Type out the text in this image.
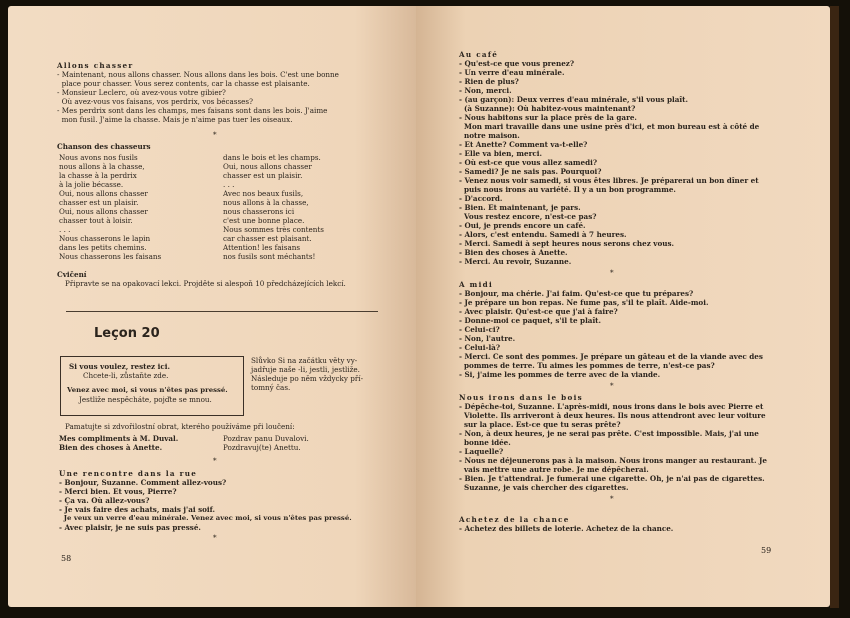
Allons chasser
- Maintenant, nous allons chasser. Nous allons dans les bois. C'est une bonne
place pour chasser. Vous serez contents, car la chasse est plaisante.
- Monsieur Leclerc, où avez-vous votre gibier?
Où avez-vous vos faisans, vos perdrix, vos bécasses?
- Mes perdrix sont dans les champs, mes faisans sont dans les bois. J'aime
mon fusil. J'aime la chasse. Mais je n'aime pas tuer les oiseaux.
*
Chanson des chasseurs
Nous avons nos fusils
nous allons à la chasse,
la chasse à la perdrix
à la jolie bécasse.
Oui, nous allons chasser
chasser est un plaisir.
Oui, nous allons chasser
chasser tout à loisir.
. . .
Nous chasserons le lapin
dans les petits chemins.
Nous chasserons les faisans
dans le bois et les champs.
Oui, nous allons chasser
chasser est un plaisir.
. . .
Avec nos beaux fusils,
nous allons à la chasse,
nous chasserons ici
c'est une bonne place.
Nous sommes très contents
car chasser est plaisant.
Attention! les faisans
nos fusils sont méchants!
Cvičení
Připravte se na opakovací lekci. Projděte si alespoň 10 předcházejících lekcí.
Leçon 20
Si vous voulez, restez ici.
Chcete-li, zůstaňte zde.
Venez avec moi, si vous n'êtes pas pressé.
Jestliže nespěcháte, pojďte se mnou.
Slůvko Si na začátku věty vy-
jadřuje naše -li, jestli, jestliže.
Následuje po něm vždycky pří-
tomný čas.
Pamatujte si zdvořilostní obrat, kterého používáme při loučení:
Mes compliments à M. Duval.
Bien des choses à Anette.
Pozdrav panu Duvalovi.
Pozdravuj(te) Anettu.
*
Une rencontre dans la rue
- Bonjour, Suzanne. Comment allez-vous?
- Merci bien. Et vous, Pierre?
- Ça va. Où allez-vous?
- Je vais faire des achats, mais j'ai soif.
Je veux un verre d'eau minérale. Venez avec moi, si vous n'êtes pas pressé.
- Avec plaisir, je ne suis pas pressé.
*
58
Au café
- Qu'est-ce que vous prenez?
- Un verre d'eau minérale.
- Rien de plus?
- Non, merci.
- (au garçon): Deux verres d'eau minérale, s'il vous plaît.
(à Suzanne): Où habitez-vous maintenant?
- Nous habitons sur la place près de la gare.
Mon mari travaille dans une usine près d'ici, et mon bureau est à côté de
notre maison.
- Et Anette? Comment va-t-elle?
- Elle va bien, merci.
- Où est-ce que vous allez samedi?
- Samedi? Je ne sais pas. Pourquoi?
- Venez nous voir samedi, si vous êtes libres. Je préparerai un bon dîner et
puis nous irons au variété. Il y a un bon programme.
- D'accord.
- Bien. Et maintenant, je pars.
Vous restez encore, n'est-ce pas?
- Oui, je prends encore un café.
- Alors, c'est entendu. Samedi à 7 heures.
- Merci. Samedi à sept heures nous serons chez vous.
- Bien des choses à Anette.
- Merci. Au revoir, Suzanne.
*
A midi
- Bonjour, ma chérie. J'ai faim. Qu'est-ce que tu prépares?
- Je prépare un bon repas. Ne fume pas, s'il te plaît. Aide-moi.
- Avec plaisir. Qu'est-ce que j'ai à faire?
- Donne-moi ce paquet, s'il te plaît.
- Celui-ci?
- Non, l'autre.
- Celui-là?
- Merci. Ce sont des pommes. Je prépare un gâteau et de la viande avec des
pommes de terre. Tu aimes les pommes de terre, n'est-ce pas?
- Si, j'aime les pommes de terre avec de la viande.
*
Nous irons dans le bois
- Dépêche-toi, Suzanne. L'après-midi, nous irons dans le bois avec Pierre et
Violette. Ils arriveront à deux heures. Ils nous attendront avec leur voiture
sur la place. Est-ce que tu seras prête?
- Non, à deux heures, je ne serai pas prête. C'est impossible. Mais, j'ai une
bonne idée.
- Laquelle?
- Nous ne déjeunerons pas à la maison. Nous irons manger au restaurant. Je
vais mettre une autre robe. Je me dépêcherai.
- Bien. Je t'attendrai. Je fumerai une cigarette. Oh, je n'ai pas de cigarettes.
Suzanne, je vais chercher des cigarettes.
*
Achetez de la chance
- Achetez des billets de loterie. Achetez de la chance.
59
